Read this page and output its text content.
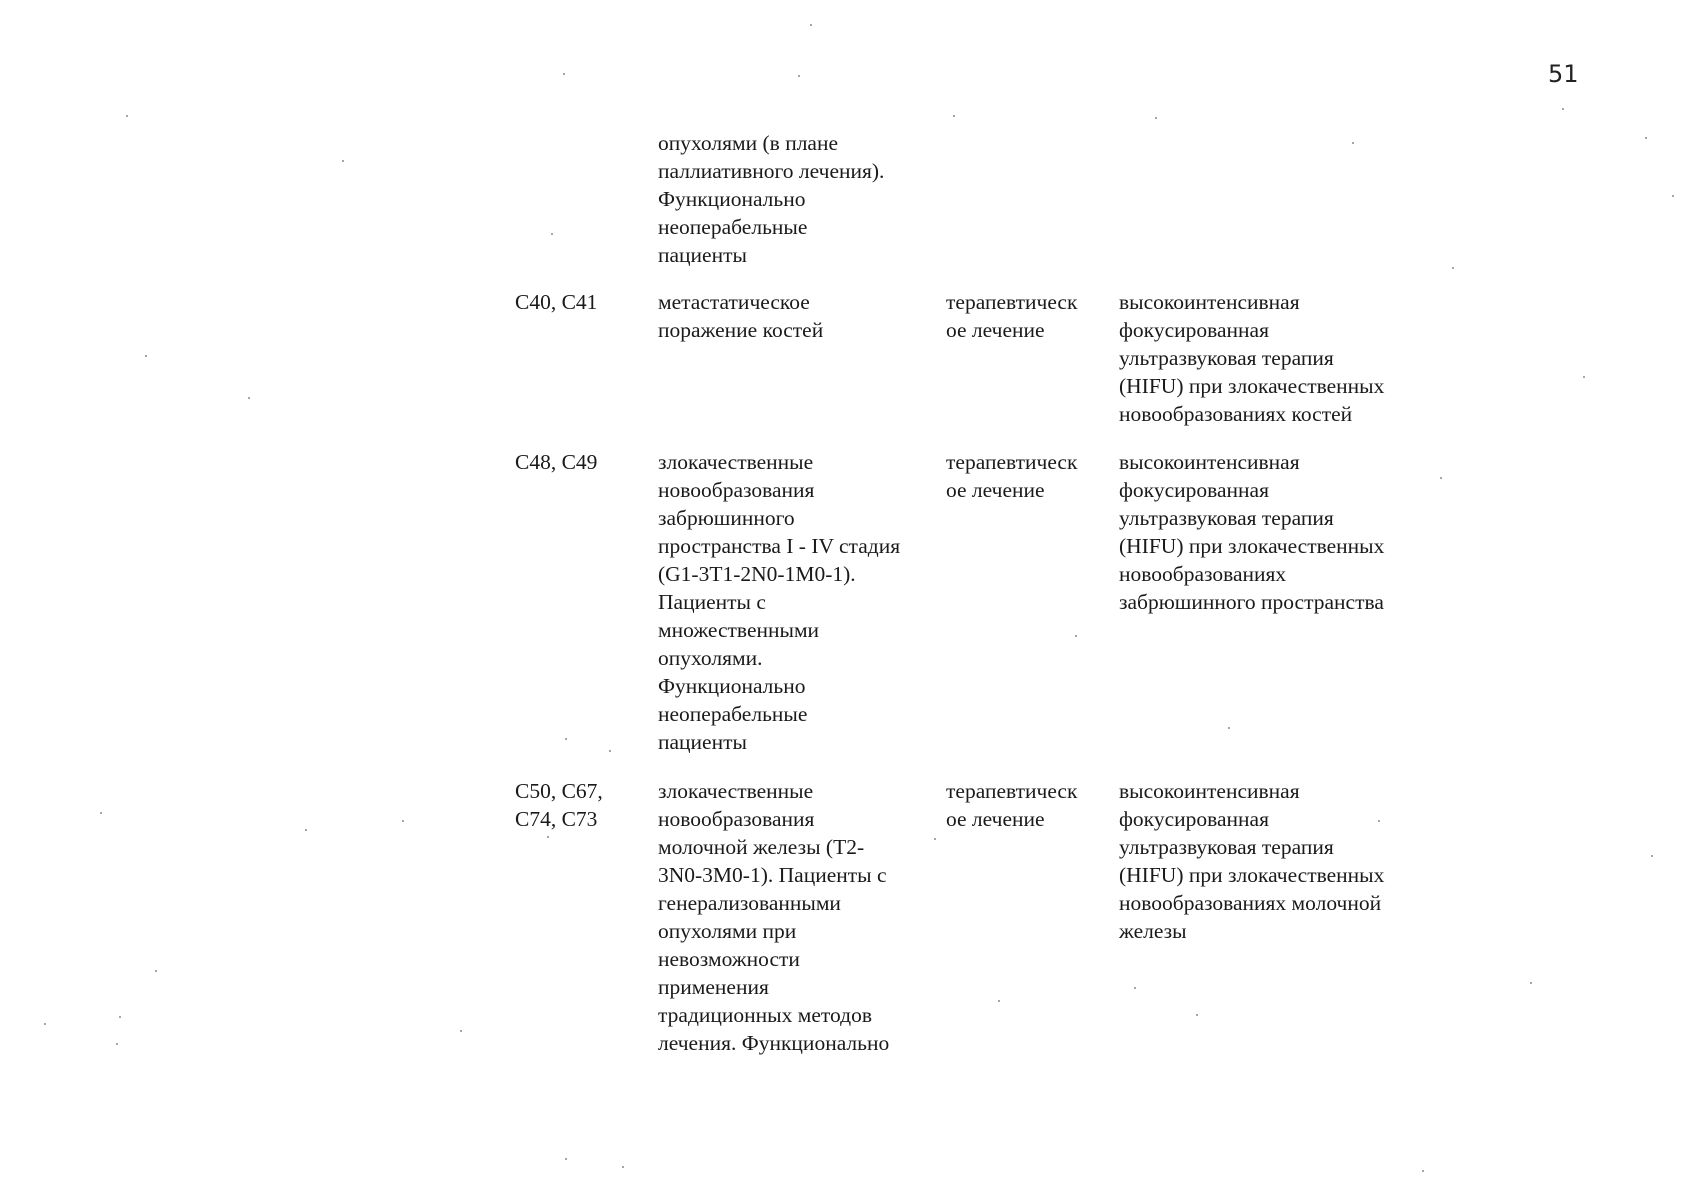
51
опухолями (в плане
паллиативного лечения).
Функционально
неоперабельные
пациенты
C40, C41	метастатическое
поражение костей
терапевтическ
ое лечение
высокоинтенсивная
фокусированная
ультразвуковая терапия
(HIFU) при злокачественных
новообразованиях костей
C48, C49	злокачественные
новообразования
забрюшинного
пространства I - IV стадия
(G1-3T1-2N0-1M0-1).
Пациенты с
множественными
опухолями.
Функционально
неоперабельные
пациенты
терапевтическ
ое лечение
высокоинтенсивная
фокусированная
ультразвуковая терапия
(HIFU) при злокачественных
новообразованиях
забрюшинного пространства
C50, C67,
C74, C73
злокачественные
новообразования
молочной железы (T2-
3N0-3M0-1). Пациенты с
генерализованными
опухолями при
невозможности
применения
традиционных методов
лечения. Функционально
терапевтическ
ое лечение
высокоинтенсивная
фокусированная
ультразвуковая терапия
(HIFU) при злокачественных
новообразованиях молочной
железы
